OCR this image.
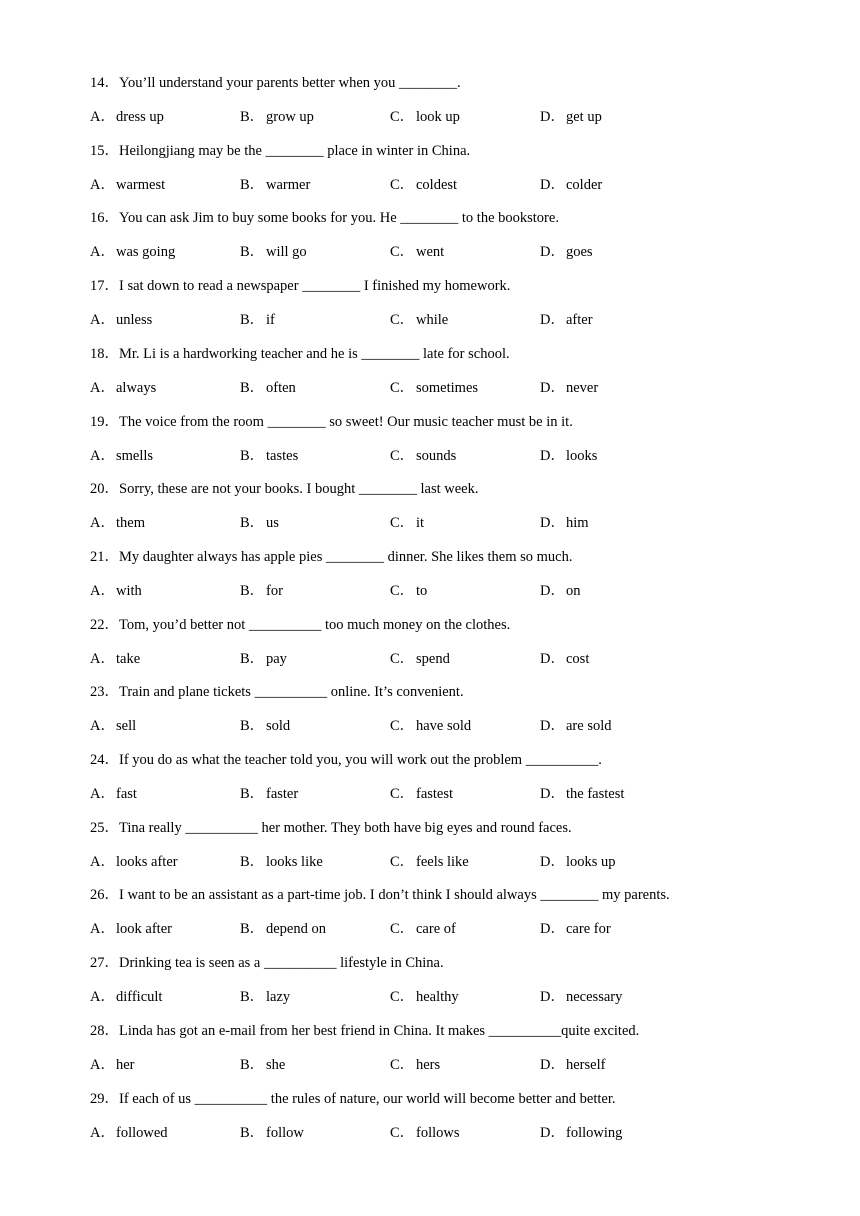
14．You’ll understand your parents better when you ________.
A．dress up	B． grow up	C． look up	D．get up
15．Heilongjiang may be the ________ place in winter in China.
A．warmest	B． warmer	C． coldest	D．colder
16．You can ask Jim to buy some books for you. He ________ to the bookstore.
A．was going	B． will go	C． went	D．goes
17．I sat down to read a newspaper ________ I finished my homework.
A．unless	B． if	C． while	D．after
18．Mr. Li is a hardworking teacher and he is ________ late for school.
A．always	B． often	C． sometimes	D．never
19．The voice from the room ________ so sweet! Our music teacher must be in it.
A．smells	B． tastes	C． sounds	D．looks
20．Sorry, these are not your books. I bought ________ last week.
A．them	B． us	C． it	D．him
21．My daughter always has apple pies ________ dinner. She likes them so much.
A．with	B． for	C． to	D．on
22．Tom, you’d better not __________ too much money on the clothes.
A．take	B． pay	C． spend	D．cost
23．Train and plane tickets __________ online. It’s convenient.
A．sell	B． sold	C． have sold	D．are sold
24．If you do as what the teacher told you, you will work out the problem __________.
A．fast	B． faster	C． fastest	D．the fastest
25．Tina really __________ her mother. They both have big eyes and round faces.
A．looks after	B． looks like	C． feels like	D．looks up
26．I want to be an assistant as a part-time job. I don’t think I should always ________ my parents.
A．look after	B． depend on	C． care of	D．care for
27．Drinking tea is seen as a __________ lifestyle in China.
A．difficult	B． lazy	C． healthy	D．necessary
28．Linda has got an e-mail from her best friend in China. It makes __________quite excited.
A．her	B． she	C． hers	D．herself
29．If each of us __________ the rules of nature, our world will become better and better.
A．followed	B． follow	C． follows	D．following
